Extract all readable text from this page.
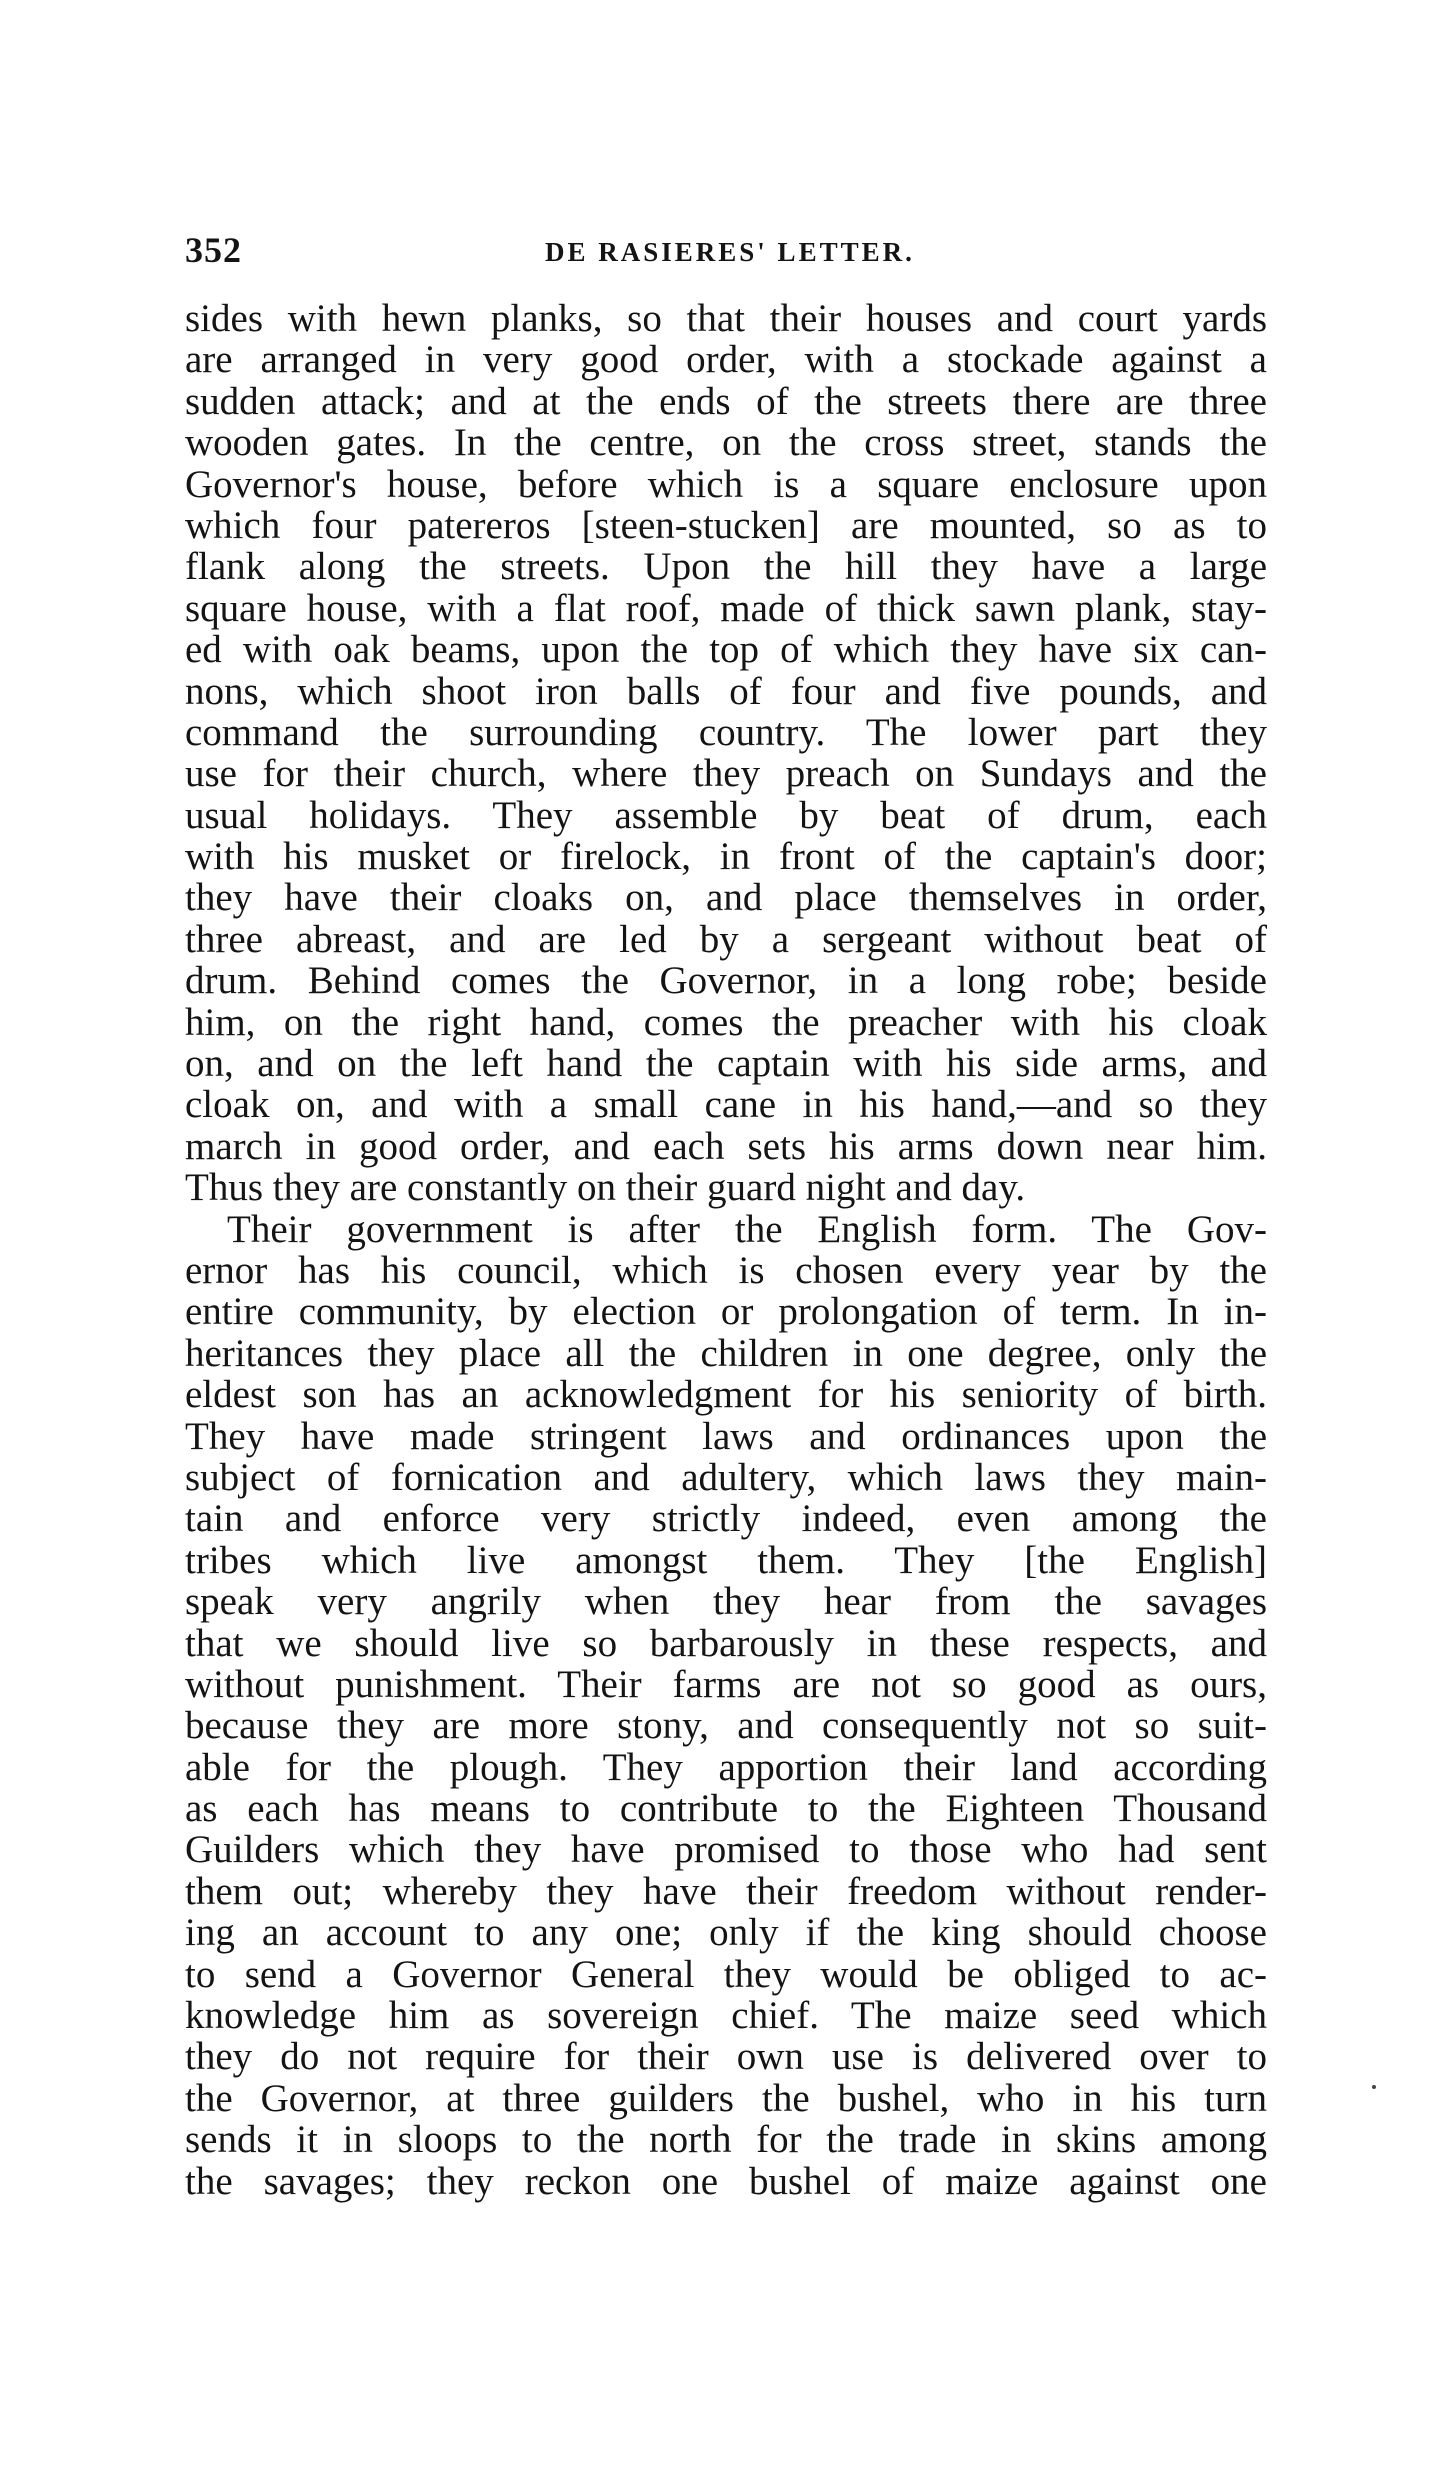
352	DE RASIERES' LETTER.
sides with hewn planks, so that their houses and court yards
are arranged in very good order, with a stockade against a
sudden attack; and at the ends of the streets there are three
wooden gates. In the centre, on the cross street, stands the
Governor's house, before which is a square enclosure upon
which four patereros [steen-stucken] are mounted, so as to
flank along the streets. Upon the hill they have a large
square house, with a flat roof, made of thick sawn plank, stay-
ed with oak beams, upon the top of which they have six can-
nons, which shoot iron balls of four and five pounds, and
command the surrounding country. The lower part they
use for their church, where they preach on Sundays and the
usual holidays. They assemble by beat of drum, each
with his musket or firelock, in front of the captain's door;
they have their cloaks on, and place themselves in order,
three abreast, and are led by a sergeant without beat of
drum. Behind comes the Governor, in a long robe; beside
him, on the right hand, comes the preacher with his cloak
on, and on the left hand the captain with his side arms, and
cloak on, and with a small cane in his hand,—and so they
march in good order, and each sets his arms down near him.
Thus they are constantly on their guard night and day.
Their government is after the English form. The Gov-
ernor has his council, which is chosen every year by the
entire community, by election or prolongation of term. In in-
heritances they place all the children in one degree, only the
eldest son has an acknowledgment for his seniority of birth.
They have made stringent laws and ordinances upon the
subject of fornication and adultery, which laws they main-
tain and enforce very strictly indeed, even among the
tribes which live amongst them. They [the English]
speak very angrily when they hear from the savages
that we should live so barbarously in these respects, and
without punishment. Their farms are not so good as ours,
because they are more stony, and consequently not so suit-
able for the plough. They apportion their land according
as each has means to contribute to the Eighteen Thousand
Guilders which they have promised to those who had sent
them out; whereby they have their freedom without render-
ing an account to any one; only if the king should choose
to send a Governor General they would be obliged to ac-
knowledge him as sovereign chief. The maize seed which
they do not require for their own use is delivered over to
the Governor, at three guilders the bushel, who in his turn
sends it in sloops to the north for the trade in skins among
the savages; they reckon one bushel of maize against one
